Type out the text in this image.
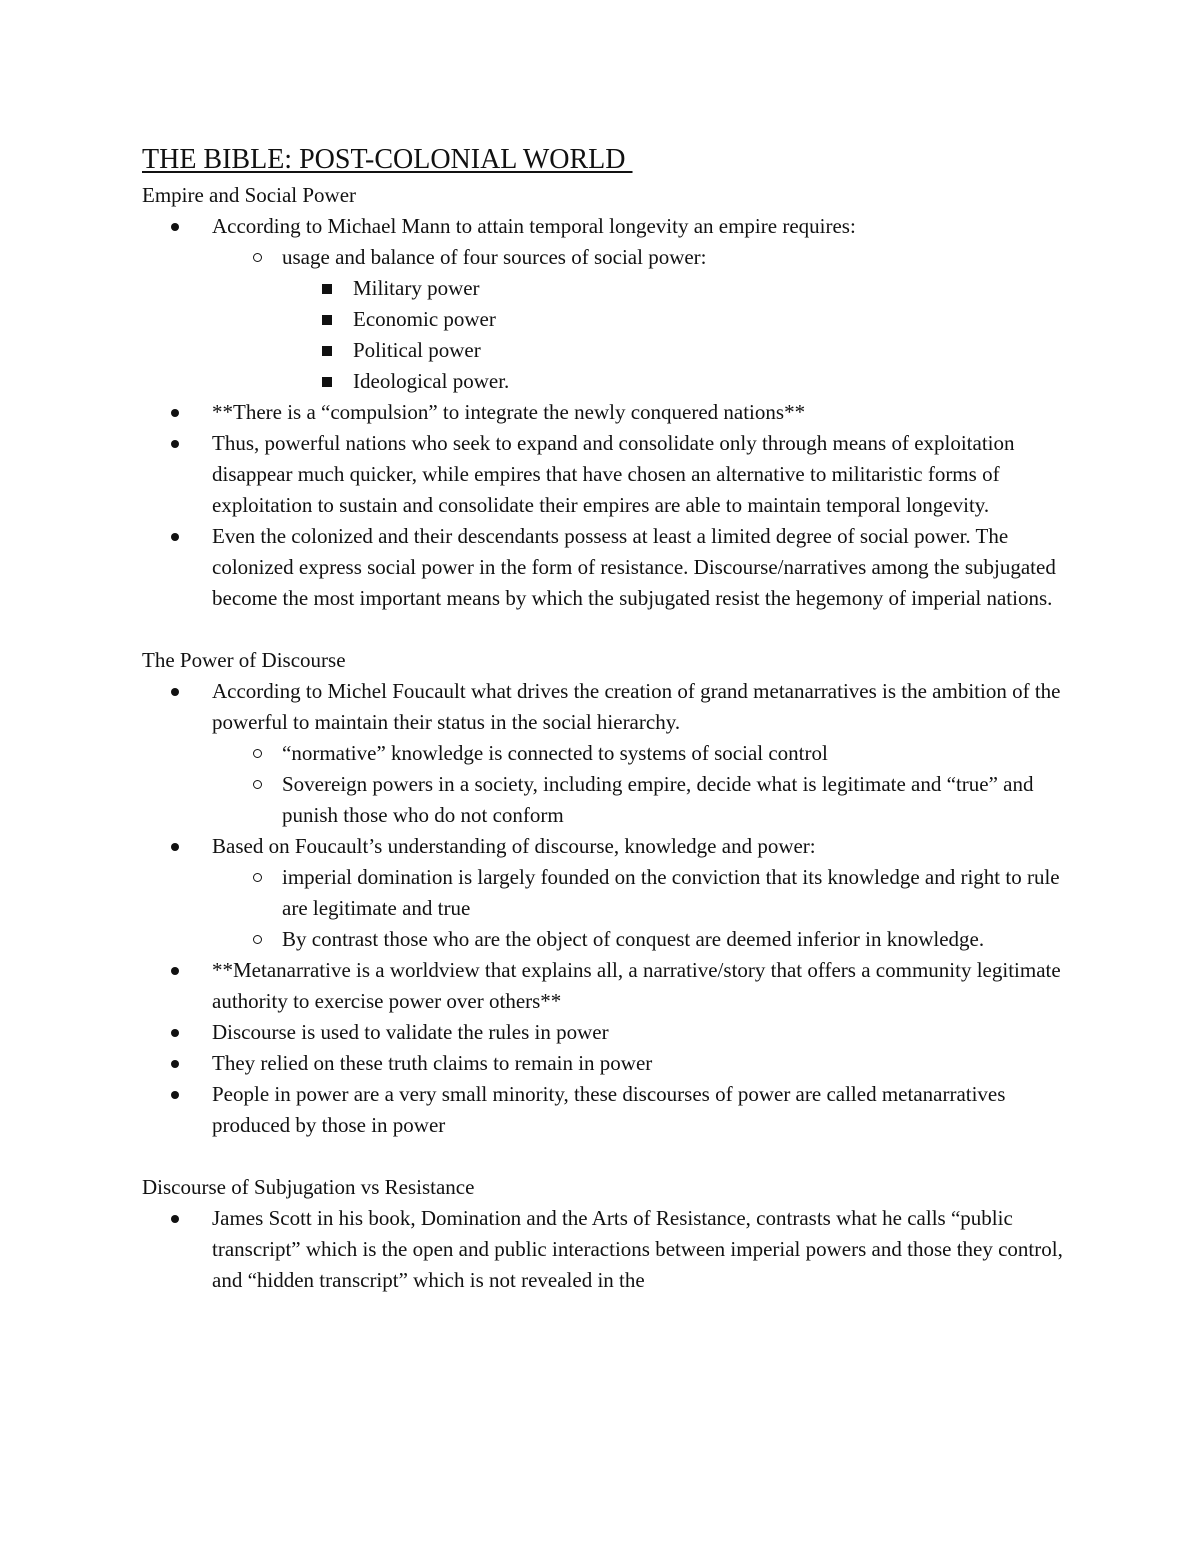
THE BIBLE: POST-COLONIAL WORLD
Empire and Social Power
According to Michael Mann to attain temporal longevity an empire requires:
usage and balance of four sources of social power:
Military power
Economic power
Political power
Ideological power.
**There is a “compulsion” to integrate the newly conquered nations**
Thus, powerful nations who seek to expand and consolidate only through means of exploitation disappear much quicker, while empires that have chosen an alternative to militaristic forms of exploitation to sustain and consolidate their empires are able to maintain temporal longevity.
Even the colonized and their descendants possess at least a limited degree of social power. The colonized express social power in the form of resistance. Discourse/narratives among the subjugated become the most important means by which the subjugated resist the hegemony of imperial nations.
The Power of Discourse
According to Michel Foucault what drives the creation of grand metanarratives is the ambition of the powerful to maintain their status in the social hierarchy.
“normative” knowledge is connected to systems of social control
Sovereign powers in a society, including empire, decide what is legitimate and “true” and punish those who do not conform
Based on Foucault’s understanding of discourse, knowledge and power:
imperial domination is largely founded on the conviction that its knowledge and right to rule are legitimate and true
By contrast those who are the object of conquest are deemed inferior in knowledge.
**Metanarrative is a worldview that explains all, a narrative/story that offers a community legitimate authority to exercise power over others**
Discourse is used to validate the rules in power
They relied on these truth claims to remain in power
People in power are a very small minority, these discourses of power are called metanarratives produced by those in power
Discourse of Subjugation vs Resistance
James Scott in his book, Domination and the Arts of Resistance, contrasts what he calls “public transcript” which is the open and public interactions between imperial powers and those they control, and “hidden transcript” which is not revealed in the
